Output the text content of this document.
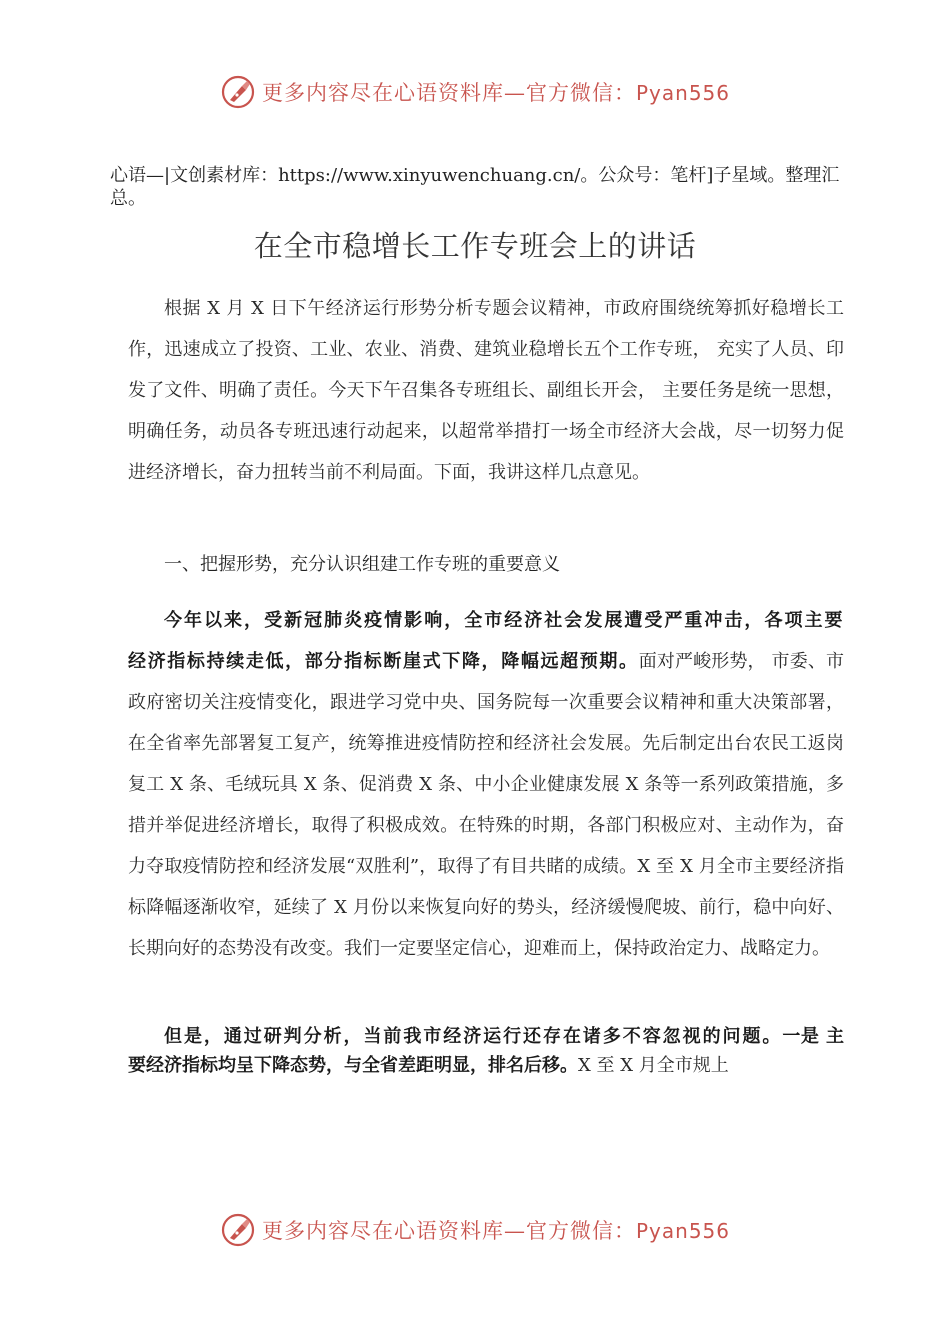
更多内容尽在心语资料库—官方微信：Pyan556
心语—|文创素材库：https://www.xinyuwenchuang.cn/。公众号：笔杆]子星域。整理汇总。
在全市稳增长工作专班会上的讲话

根据 X 月 X 日下午经济运行形势分析专题会议精神，市政府围绕统筹抓好稳增长工作，迅速成立了投资、工业、农业、消费、建筑业稳增长五个工作专班， 充实了人员、印发了文件、明确了责任。今天下午召集各专班组长、副组长开会， 主要任务是统一思想，明确任务，动员各专班迅速行动起来，以超常举措打一场全市经济大会战，尽一切努力促进经济增长，奋力扭转当前不利局面。下面，我讲这样几点意见。

一、把握形势，充分认识组建工作专班的重要意义

今年以来，受新冠肺炎疫情影响，全市经济社会发展遭受严重冲击，各项主要经济指标持续走低，部分指标断崖式下降，降幅远超预期。面对严峻形势， 市委、市政府密切关注疫情变化，跟进学习党中央、国务院每一次重要会议精神和重大决策部署，在全省率先部署复工复产，统筹推进疫情防控和经济社会发展。先后制定出台农民工返岗复工 X 条、毛绒玩具 X 条、促消费 X 条、中小企业健康发展 X 条等一系列政策措施，多措并举促进经济增长，取得了积极成效。在特殊的时期，各部门积极应对、主动作为，奋力夺取疫情防控和经济发展“双胜利”，取得了有目共睹的成绩。X 至 X 月全市主要经济指标降幅逐渐收窄，延续了 X 月份以来恢复向好的势头，经济缓慢爬坡、前行，稳中向好、长期向好的态势没有改变。我们一定要坚定信心，迎难而上，保持政治定力、战略定力。

但是，通过研判分析，当前我市经济运行还存在诸多不容忽视的问题。一是 主要经济指标均呈下降态势，与全省差距明显，排名后移。X 至 X 月全市规上

更多内容尽在心语资料库—官方微信：Pyan556
